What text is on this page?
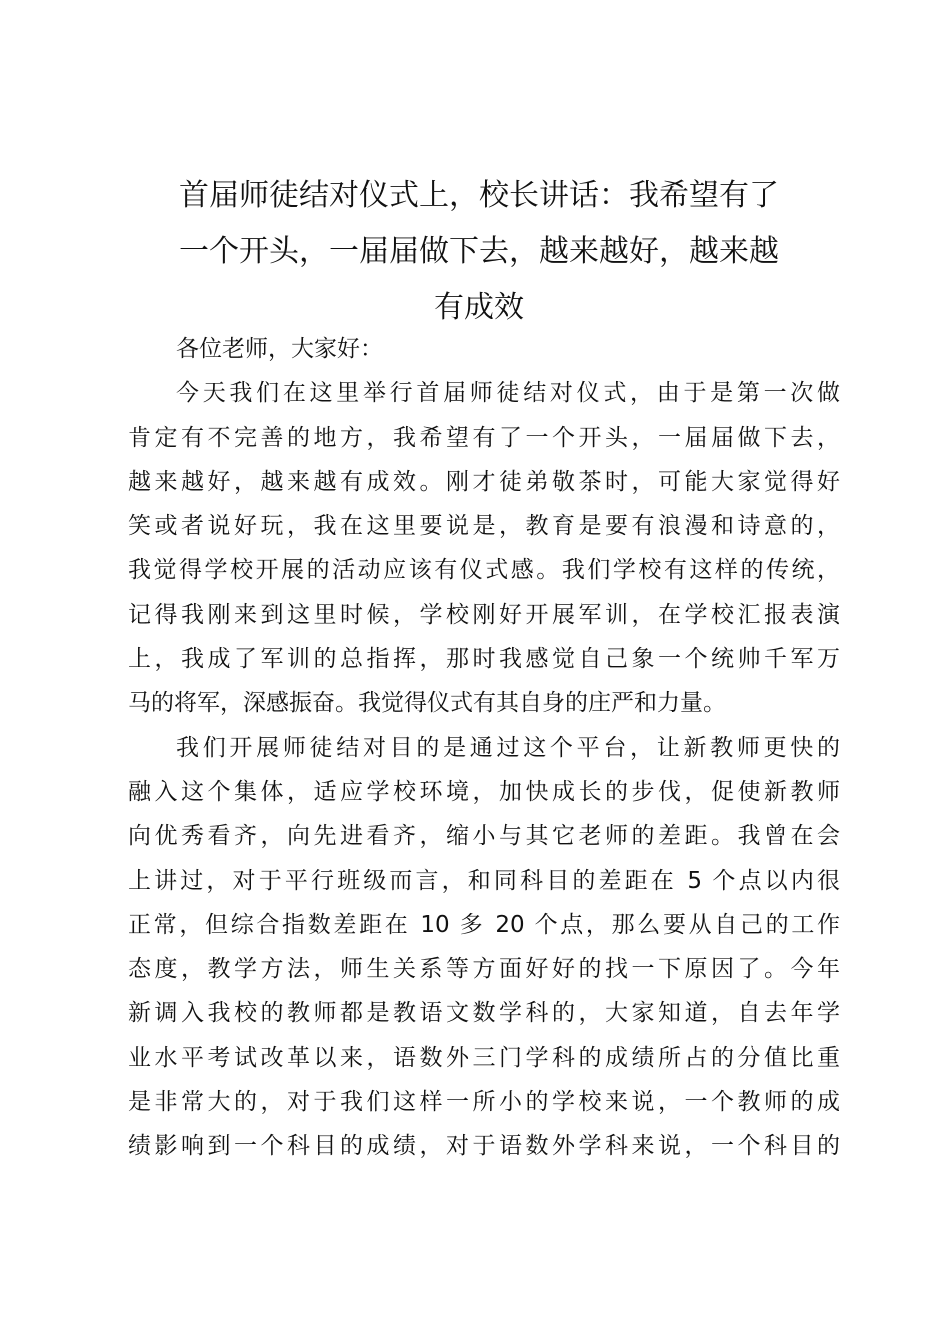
首届师徒结对仪式上，校长讲话：我希望有了
一个开头，一届届做下去，越来越好，越来越
有成效
各位老师，大家好：
今天我们在这里举行首届师徒结对仪式，由于是第一次做
肯定有不完善的地方，我希望有了一个开头，一届届做下去，
越来越好，越来越有成效。刚才徒弟敬茶时，可能大家觉得好
笑或者说好玩，我在这里要说是，教育是要有浪漫和诗意的，
我觉得学校开展的活动应该有仪式感。我们学校有这样的传统，
记得我刚来到这里时候，学校刚好开展军训，在学校汇报表演
上，我成了军训的总指挥，那时我感觉自己象一个统帅千军万
马的将军，深感振奋。我觉得仪式有其自身的庄严和力量。
我们开展师徒结对目的是通过这个平台，让新教师更快的
融入这个集体，适应学校环境，加快成长的步伐，促使新教师
向优秀看齐，向先进看齐，缩小与其它老师的差距。我曾在会
上讲过，对于平行班级而言，和同科目的差距在 5 个点以内很
正常，但综合指数差距在 10 多 20 个点，那么要从自己的工作
态度，教学方法，师生关系等方面好好的找一下原因了。今年
新调入我校的教师都是教语文数学科的，大家知道，自去年学
业水平考试改革以来，语数外三门学科的成绩所占的分值比重
是非常大的，对于我们这样一所小的学校来说，一个教师的成
绩影响到一个科目的成绩，对于语数外学科来说，一个科目的
